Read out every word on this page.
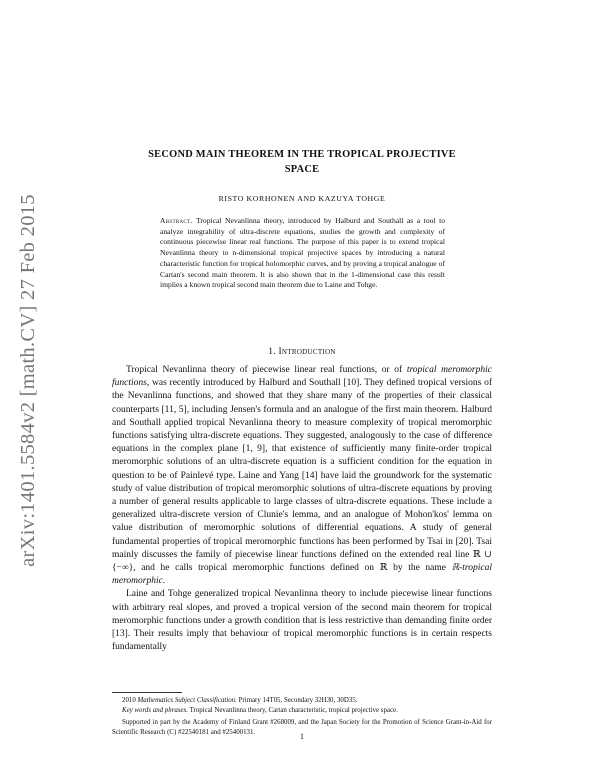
arXiv:1401.5584v2 [math.CV] 27 Feb 2015
SECOND MAIN THEOREM IN THE TROPICAL PROJECTIVE
SPACE
RISTO KORHONEN AND KAZUYA TOHGE
Abstract. Tropical Nevanlinna theory, introduced by Halburd and Southall as a tool to analyze integrability of ultra-discrete equations, studies the growth and complexity of continuous piecewise linear real functions. The purpose of this paper is to extend tropical Nevanlinna theory to n-dimensional tropical projective spaces by introducing a natural characteristic function for tropical holomorphic curves, and by proving a tropical analogue of Cartan's second main theorem. It is also shown that in the 1-dimensional case this result implies a known tropical second main theorem due to Laine and Tohge.
1. Introduction

Tropical Nevanlinna theory of piecewise linear real functions, or of tropical meromorphic functions, was recently introduced by Halburd and Southall [10]. They defined tropical versions of the Nevanlinna functions, and showed that they share many of the properties of their classical counterparts [11, 5], including Jensen's formula and an analogue of the first main theorem. Halburd and Southall applied tropical Nevanlinna theory to measure complexity of tropical meromorphic functions satisfying ultra-discrete equations. They suggested, analogously to the case of difference equations in the complex plane [1, 9], that existence of sufficiently many finite-order tropical meromorphic solutions of an ultra-discrete equation is a sufficient condition for the equation in question to be of Painlevé type. Laine and Yang [14] have laid the groundwork for the systematic study of value distribution of tropical meromorphic solutions of ultra-discrete equations by proving a number of general results applicable to large classes of ultra-discrete equations. These include a generalized ultra-discrete version of Clunie's lemma, and an analogue of Mohon'kos' lemma on value distribution of meromorphic solutions of differential equations. A study of general fundamental properties of tropical meromorphic functions has been performed by Tsai in [20]. Tsai mainly discusses the family of piecewise linear functions defined on the extended real line ℝ ∪ {−∞}, and he calls tropical meromorphic functions defined on ℝ by the name ℝ-tropical meromorphic.

Laine and Tohge generalized tropical Nevanlinna theory to include piecewise linear functions with arbitrary real slopes, and proved a tropical version of the second main theorem for tropical meromorphic functions under a growth condition that is less restrictive than demanding finite order [13]. Their results imply that behaviour of tropical meromorphic functions is in certain respects fundamentally

2010 Mathematics Subject Classification. Primary 14T05, Secondary 32H30, 30D35.

Key words and phrases. Tropical Nevanlinna theory, Cartan characteristic, tropical projective space.

Supported in part by the Academy of Finland Grant #268009, and the Japan Society for the Promotion of Science Grant-in-Aid for Scientific Research (C) #22540181 and #25400131.	1
